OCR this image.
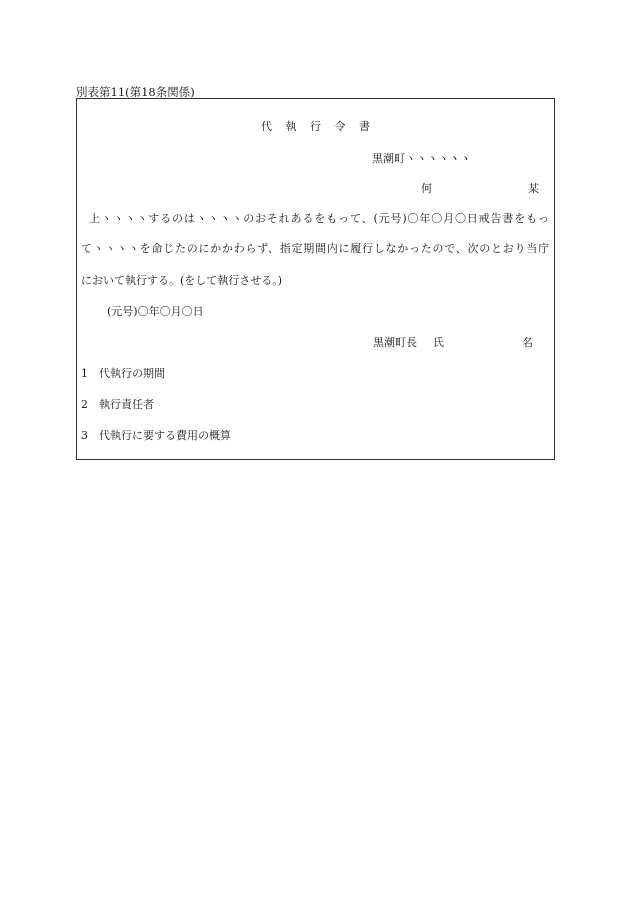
別表第11(第18条関係)
代 執 行 令 書
黒潮町ヽヽヽヽヽヽ
何	某
上ヽヽヽヽするのはヽヽヽヽのおそれあるをもって、(元号)〇年〇月〇日戒告書をもっ
てヽヽヽヽを命じたのにかかわらず、指定期間内に履行しなかったので、次のとおり当庁
において執行する。(をして執行させる。)
(元号)〇年〇月〇日
黒潮町長 氏	名
1 代執行の期間
2 執行責任者
3 代執行に要する費用の概算
